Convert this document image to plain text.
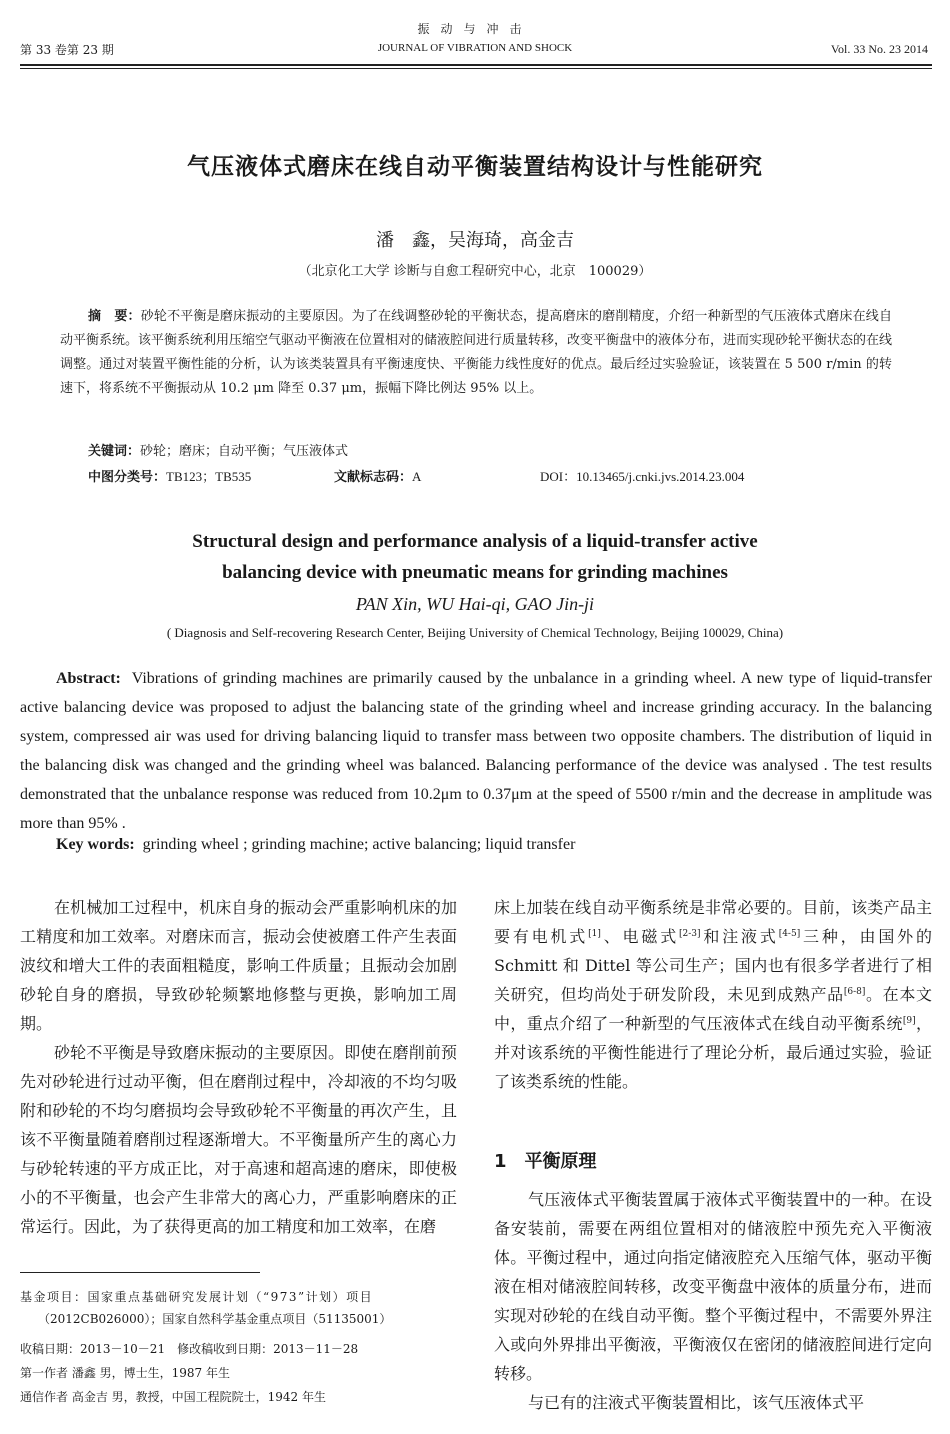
振动与冲击
第 33 卷第 23 期	JOURNAL OF VIBRATION AND SHOCK	Vol. 33 No. 23 2014
气压液体式磨床在线自动平衡装置结构设计与性能研究
潘　鑫，吴海琦，高金吉
（北京化工大学 诊断与自愈工程研究中心，北京　100029）
摘　要：砂轮不平衡是磨床振动的主要原因。为了在线调整砂轮的平衡状态，提高磨床的磨削精度，介绍一种新型的气压液体式磨床在线自动平衡系统。该平衡系统利用压缩空气驱动平衡液在位置相对的储液腔间进行质量转移，改变平衡盘中的液体分布，进而实现砂轮平衡状态的在线调整。通过对装置平衡性能的分析，认为该类装置具有平衡速度快、平衡能力线性度好的优点。最后经过实验验证，该装置在 5 500 r/min 的转速下，将系统不平衡振动从 10.2 μm 降至 0.37 μm，振幅下降比例达 95% 以上。
关键词：砂轮；磨床；自动平衡；气压液体式
中图分类号：TB123；TB535	文献标志码：A	DOI：10.13465/j.cnki.jvs.2014.23.004
Structural design and performance analysis of a liquid-transfer active
balancing device with pneumatic means for grinding machines
PAN Xin, WU Hai-qi, GAO Jin-ji
( Diagnosis and Self-recovering Research Center, Beijing University of Chemical Technology, Beijing 100029, China)
Abstract: Vibrations of grinding machines are primarily caused by the unbalance in a grinding wheel. A new type of liquid-transfer active balancing device was proposed to adjust the balancing state of the grinding wheel and increase grinding accuracy. In the balancing system, compressed air was used for driving balancing liquid to transfer mass between two opposite chambers. The distribution of liquid in the balancing disk was changed and the grinding wheel was balanced. Balancing performance of the device was analysed . The test results demonstrated that the unbalance response was reduced from 10.2μm to 0.37μm at the speed of 5500 r/min and the decrease in amplitude was more than 95% .
Key words: grinding wheel ; grinding machine; active balancing; liquid transfer

在机械加工过程中，机床自身的振动会严重影响机床的加工精度和加工效率。对磨床而言，振动会使被磨工件产生表面波纹和增大工件的表面粗糙度，影响工件质量；且振动会加剧砂轮自身的磨损，导致砂轮频繁地修整与更换，影响加工周期。

砂轮不平衡是导致磨床振动的主要原因。即使在磨削前预先对砂轮进行过动平衡，但在磨削过程中，冷却液的不均匀吸附和砂轮的不均匀磨损均会导致砂轮不平衡量的再次产生，且该不平衡量随着磨削过程逐渐增大。不平衡量所产生的离心力与砂轮转速的平方成正比，对于高速和超高速的磨床，即使极小的不平衡量，也会产生非常大的离心力，严重影响磨床的正常运行。因此，为了获得更高的加工精度和加工效率，在磨

床上加装在线自动平衡系统是非常必要的。目前，该类产品主要有电机式[1]、电磁式[2-3]和注液式[4-5]三种，由国外的 Schmitt 和 Dittel 等公司生产；国内也有很多学者进行了相关研究，但均尚处于研发阶段，未见到成熟产品[6-8]。在本文中，重点介绍了一种新型的气压液体式在线自动平衡系统[9]，并对该系统的平衡性能进行了理论分析，最后通过实验，验证了该类系统的性能。

1　平衡原理

气压液体式平衡装置属于液体式平衡装置中的一种。在设备安装前，需要在两组位置相对的储液腔中预先充入平衡液体。平衡过程中，通过向指定储液腔充入压缩气体，驱动平衡液在相对储液腔间转移，改变平衡盘中液体的质量分布，进而实现对砂轮的在线自动平衡。整个平衡过程中，不需要外界注入或向外界排出平衡液，平衡液仅在密闭的储液腔间进行定向转移。

与已有的注液式平衡装置相比，该气压液体式平

基金项目：国家重点基础研究发展计划（“973”计划）项目
（2012CB026000）；国家自然科学基金重点项目（51135001）
收稿日期：2013－10－21　修改稿收到日期：2013－11－28
第一作者 潘鑫 男，博士生，1987 年生
通信作者 高金吉 男，教授，中国工程院院士，1942 年生
